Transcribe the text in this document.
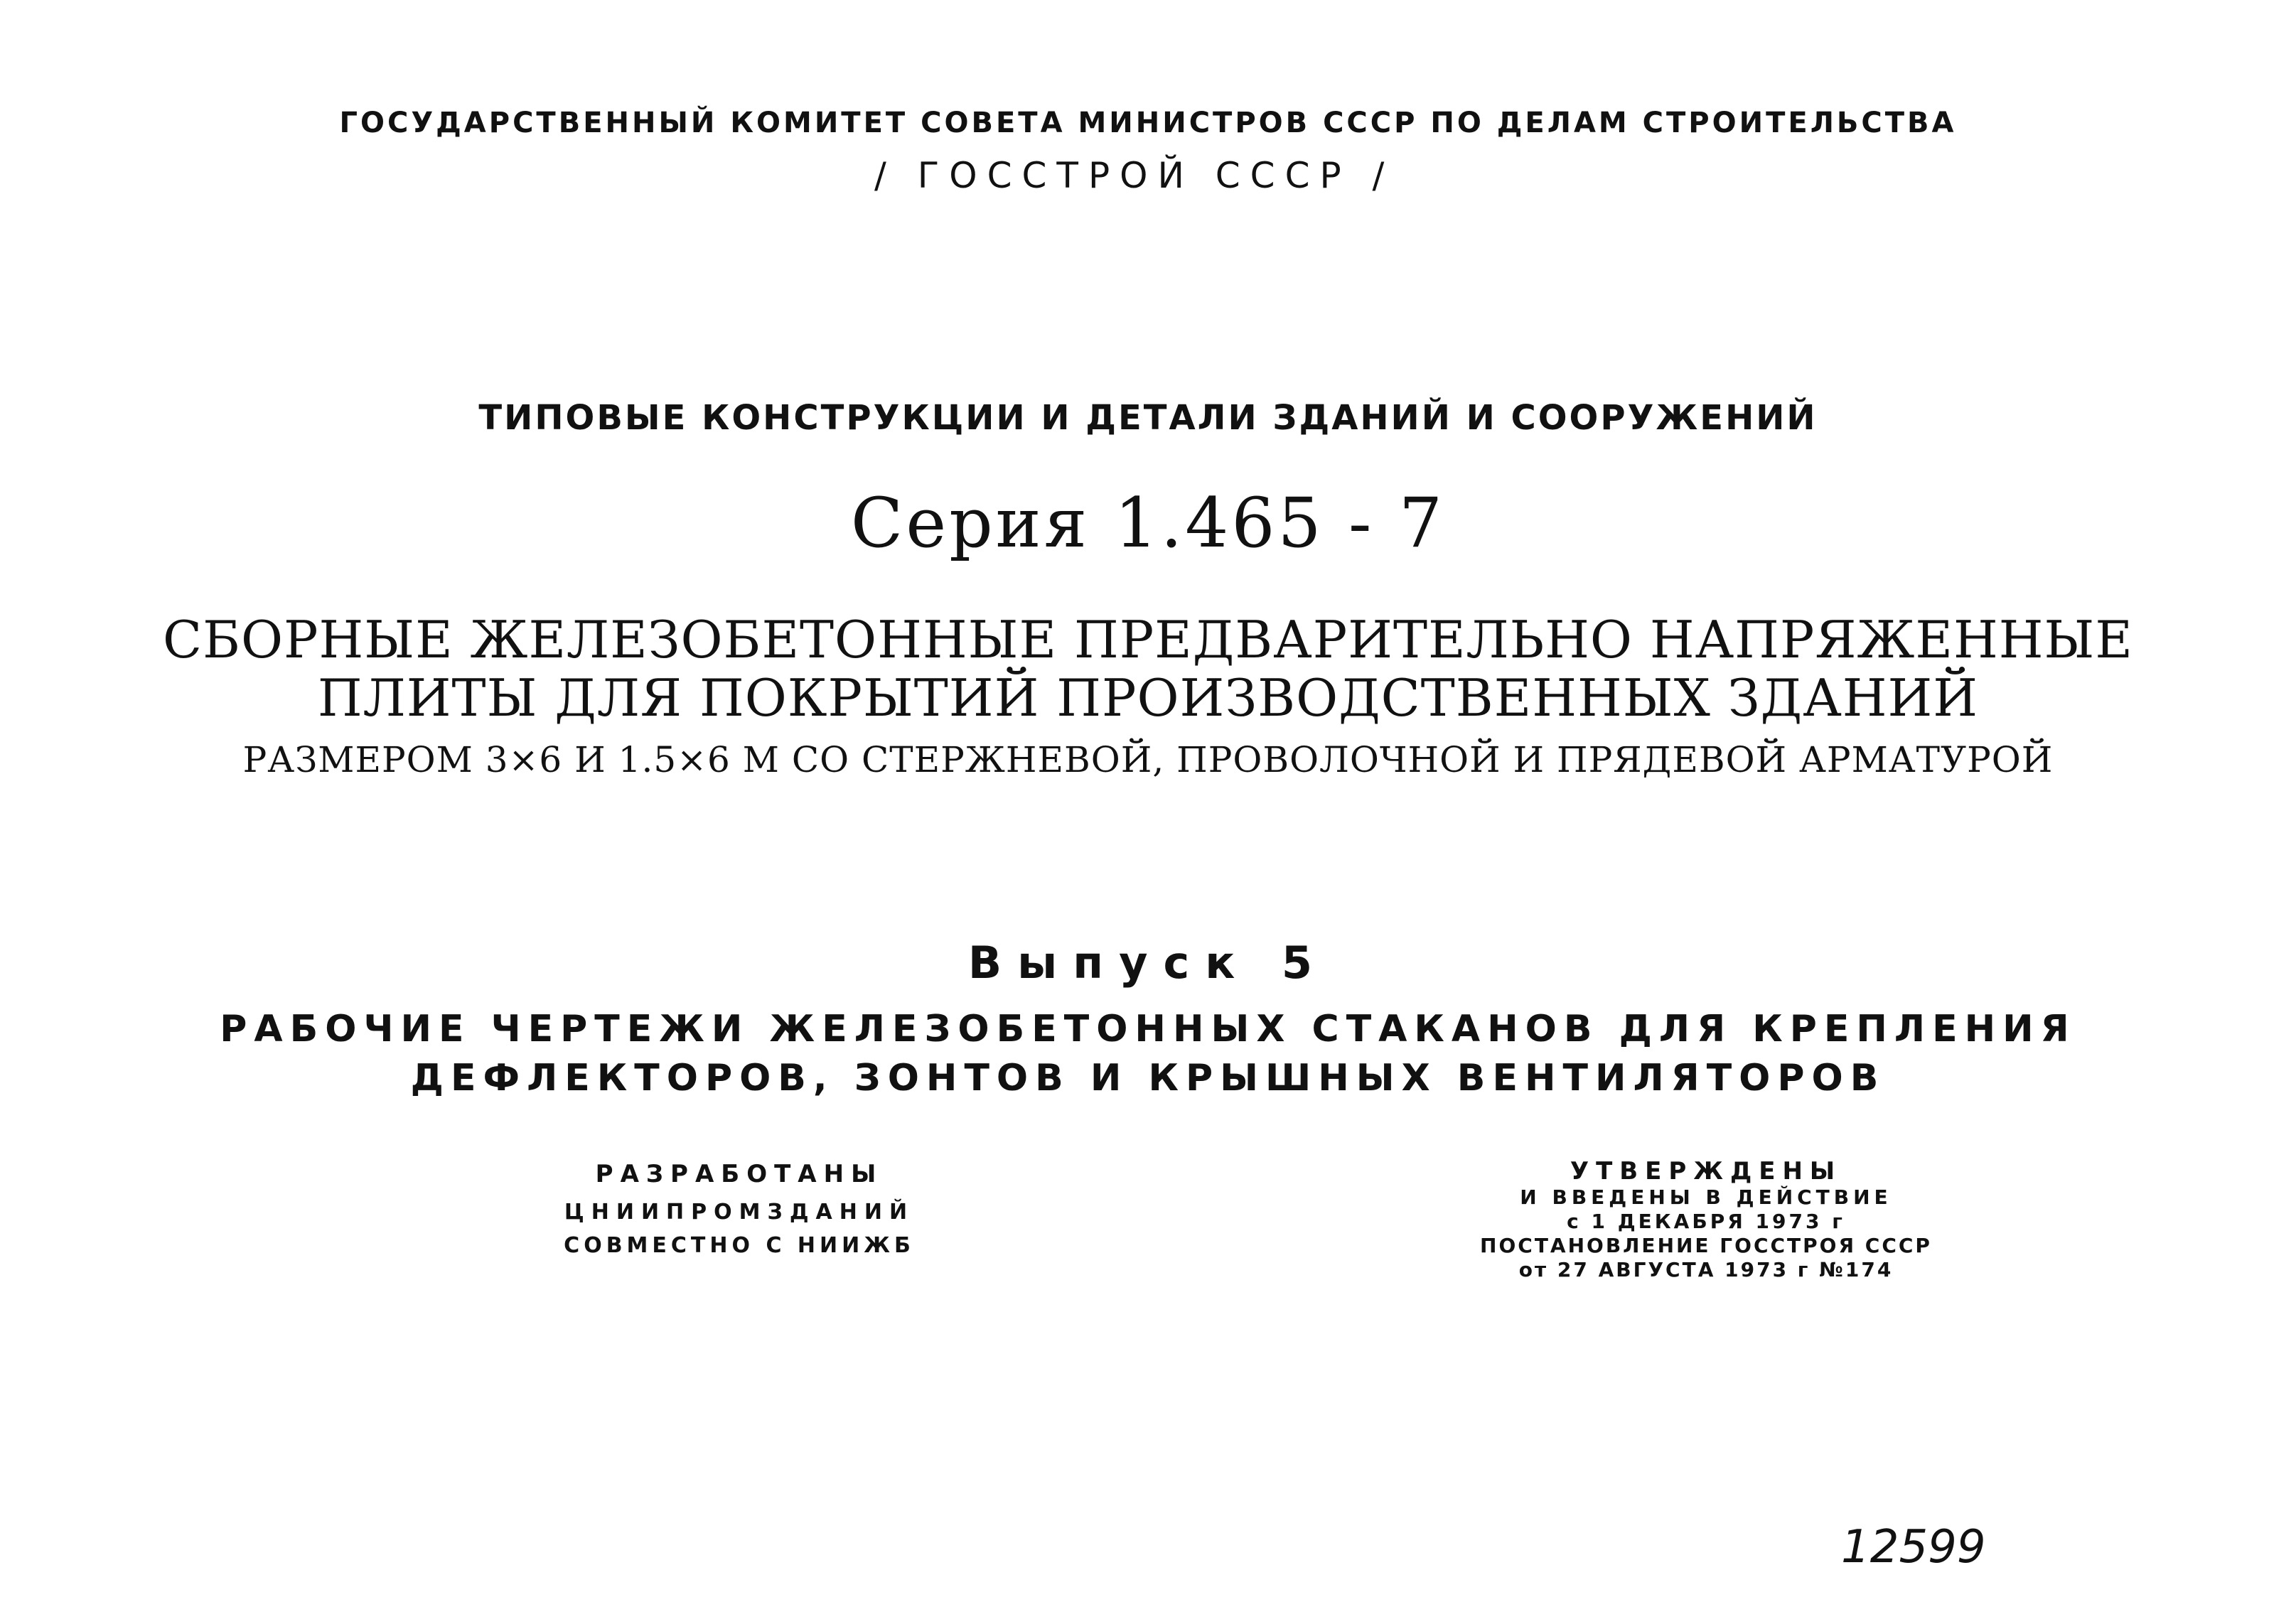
ГОСУДАРСТВЕННЫЙ КОМИТЕТ СОВЕТА МИНИСТРОВ СССР ПО ДЕЛАМ СТРОИТЕЛЬСТВА
/ ГОССТРОЙ СССР /
ТИПОВЫЕ КОНСТРУКЦИИ И ДЕТАЛИ ЗДАНИЙ И СООРУЖЕНИЙ
Серия 1.465 - 7
СБОРНЫЕ ЖЕЛЕЗОБЕТОННЫЕ ПРЕДВАРИТЕЛЬНО НАПРЯЖЕННЫЕ
ПЛИТЫ ДЛЯ ПОКРЫТИЙ ПРОИЗВОДСТВЕННЫХ ЗДАНИЙ
РАЗМЕРОМ 3×6 И 1.5×6 М СО СТЕРЖНЕВОЙ, ПРОВОЛОЧНОЙ И ПРЯДЕВОЙ АРМАТУРОЙ
Выпуск 5
РАБОЧИЕ ЧЕРТЕЖИ ЖЕЛЕЗОБЕТОННЫХ СТАКАНОВ ДЛЯ КРЕПЛЕНИЯ
ДЕФЛЕКТОРОВ, ЗОНТОВ И КРЫШНЫХ ВЕНТИЛЯТОРОВ
РАЗРАБОТАНЫ
ЦНИИПРОМЗДАНИЙ
СОВМЕСТНО С НИИЖБ
УТВЕРЖДЕНЫ
И ВВЕДЕНЫ В ДЕЙСТВИЕ
с 1 ДЕКАБРЯ 1973 г
ПОСТАНОВЛЕНИЕ ГОССТРОЯ СССР
от 27 АВГУСТА 1973 г №174
12599
